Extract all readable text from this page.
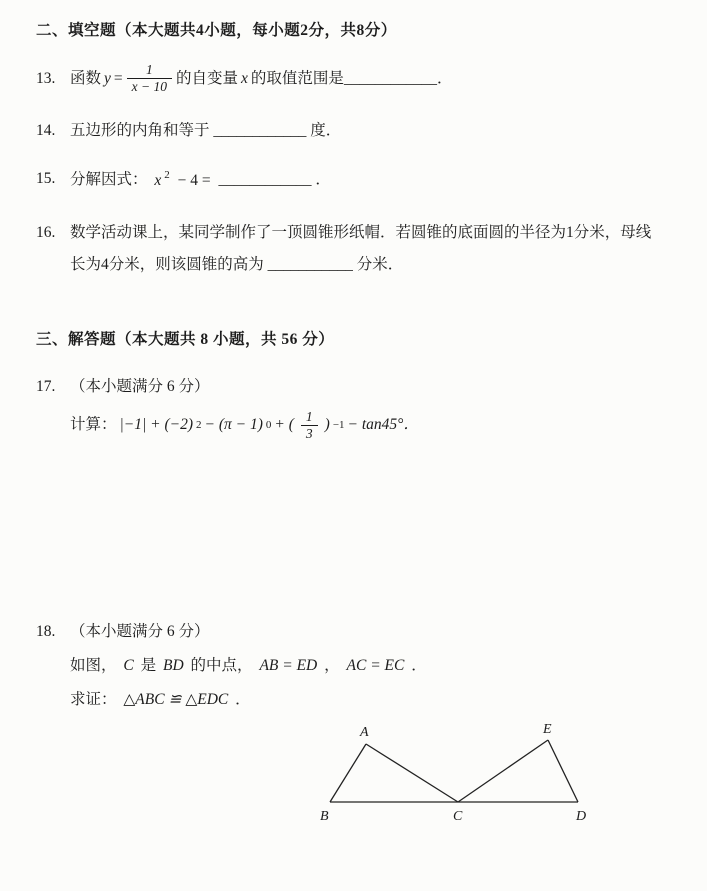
二、填空题（本大题共4小题，每小题2分，共8分）
13. 函数 $y = \frac{1}{x - 10}$ 的自变量 x 的取值范围是 ____________ ．
14. 五边形的内角和等于 ____________ 度．
15. 分解因式： x $^2$ − 4 = ____________ ．
16. 数学活动课上，某同学制作了一顶圆锥形纸帽．若圆锥的底面圆的半径为1分米，母线
长为4分米，则该圆锥的高为 ___________ 分米．
三、解答题（本大题共 8 小题，共 56 分）
17. （本小题满分 6 分）
计算： |−1| + (−2) 2 − (π − 1) 0 + ( $\frac{1}{3}$ ) −1 − tan45°．
18. （本小题满分 6 分）
如图， C 是 BD 的中点， AB = ED ， AC = EC ．
求证： △ABC ≌ △EDC ．
A	E
B	C	D
